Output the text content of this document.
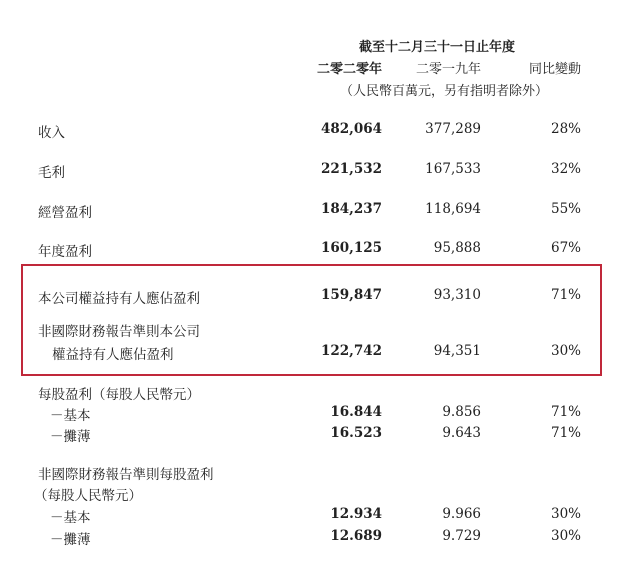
截至十二月三十一日止年度
二零二零年	二零一九年	同比變動
（人民幣百萬元，另有指明者除外）
收入	482,064	377,289	28%
毛利	221,532	167,533	32%
經營盈利	184,237	118,694	55%
年度盈利	160,125	95,888	67%
本公司權益持有人應佔盈利	159,847	93,310	71%
非國際財務報告準則本公司
權益持有人應佔盈利	122,742	94,351	30%
每股盈利（每股人民幣元）
－基本	16.844	9.856	71%
－攤薄	16.523	9.643	71%
非國際財務報告準則每股盈利
（每股人民幣元）
－基本	12.934	9.966	30%
－攤薄	12.689	9.729	30%
